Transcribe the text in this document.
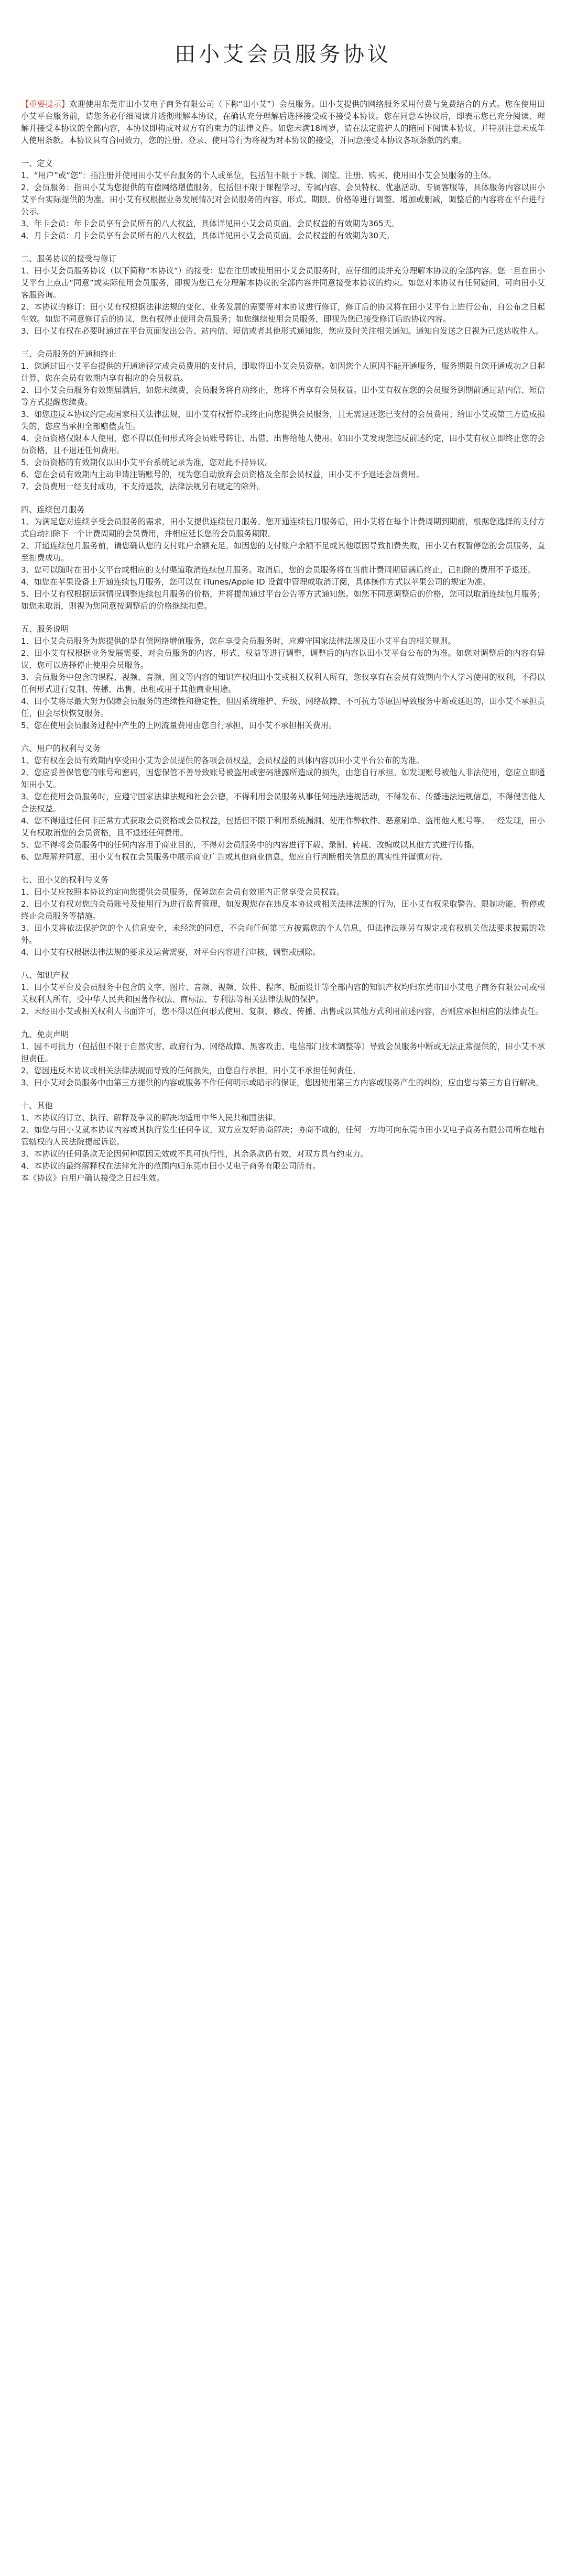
田小艾会员服务协议

【重要提示】欢迎使用东莞市田小艾电子商务有限公司（下称“田小艾”）会员服务。田小艾提供的网络服务采用付费与免费结合的方式。您在使用田小艾平台服务前，请您务必仔细阅读并透彻理解本协议，在确认充分理解后选择接受或不接受本协议。您在同意本协议后，即表示您已充分阅读、理解并接受本协议的全部内容，本协议即构成对双方有约束力的法律文件。如您未满18周岁，请在法定监护人的陪同下阅读本协议，并特别注意未成年人使用条款。本协议具有合同效力，您的注册、登录、使用等行为将视为对本协议的接受，并同意接受本协议各项条款的约束。

一、定义

1、“用户”或“您”：指注册并使用田小艾平台服务的个人或单位，包括但不限于下载、浏览、注册、购买、使用田小艾会员服务的主体。

2、会员服务：指田小艾为您提供的有偿网络增值服务，包括但不限于课程学习、专属内容、会员特权、优惠活动、专属客服等，具体服务内容以田小艾平台实际提供的为准。田小艾有权根据业务发展情况对会员服务的内容、形式、期限、价格等进行调整、增加或删减，调整后的内容将在平台进行公示。

3、年卡会员：年卡会员享有会员所有的八大权益，具体详见田小艾会员页面。会员权益的有效期为365天。

4、月卡会员：月卡会员享有会员所有的八大权益，具体详见田小艾会员页面。会员权益的有效期为30天。

二、服务协议的接受与修订

1、田小艾会员服务协议（以下简称“本协议”）的接受：您在注册或使用田小艾会员服务时，应仔细阅读并充分理解本协议的全部内容。您一旦在田小艾平台上点击“同意”或实际使用会员服务，即视为您已充分理解本协议的全部内容并同意接受本协议的约束。如您对本协议有任何疑问，可向田小艾客服咨询。

2、本协议的修订：田小艾有权根据法律法规的变化、业务发展的需要等对本协议进行修订，修订后的协议将在田小艾平台上进行公布，自公布之日起生效。如您不同意修订后的协议，您有权停止使用会员服务；如您继续使用会员服务，即视为您已接受修订后的协议内容。

3、田小艾有权在必要时通过在平台页面发出公告、站内信、短信或者其他形式通知您，您应及时关注相关通知。通知自发送之日视为已送达收件人。

三、会员服务的开通和终止

1、您通过田小艾平台提供的开通途径完成会员费用的支付后，即取得田小艾会员资格。如因您个人原因不能开通服务，服务期限自您开通成功之日起计算，您在会员有效期内享有相应的会员权益。

2、田小艾会员服务有效期届满后，如您未续费，会员服务将自动终止，您将不再享有会员权益。田小艾有权在您的会员服务到期前通过站内信、短信等方式提醒您续费。

3、如您违反本协议约定或国家相关法律法规，田小艾有权暂停或终止向您提供会员服务，且无需退还您已支付的会员费用；给田小艾或第三方造成损失的，您应当承担全部赔偿责任。

4、会员资格仅限本人使用，您不得以任何形式将会员账号转让、出借、出售给他人使用。如田小艾发现您违反前述约定，田小艾有权立即终止您的会员资格，且不退还任何费用。

5、会员资格的有效期仅以田小艾平台系统记录为准，您对此不持异议。

6、您在会员有效期内主动申请注销账号的，视为您自动放弃会员资格及全部会员权益，田小艾不予退还会员费用。

7、会员费用一经支付成功，不支持退款，法律法规另有规定的除外。

四、连续包月服务

1、为满足您对连续享受会员服务的需求，田小艾提供连续包月服务。您开通连续包月服务后，田小艾将在每个计费周期到期前，根据您选择的支付方式自动扣除下一个计费周期的会员费用，并相应延长您的会员服务期限。

2、开通连续包月服务前，请您确认您的支付账户余额充足。如因您的支付账户余额不足或其他原因导致扣费失败，田小艾有权暂停您的会员服务，直至扣费成功。

3、您可以随时在田小艾平台或相应的支付渠道取消连续包月服务。取消后，您的会员服务将在当前计费周期届满后终止，已扣除的费用不予退还。

4、如您在苹果设备上开通连续包月服务，您可以在 iTunes/Apple ID 设置中管理或取消订阅，具体操作方式以苹果公司的规定为准。

5、田小艾有权根据运营情况调整连续包月服务的价格，并将提前通过平台公告等方式通知您。如您不同意调整后的价格，您可以取消连续包月服务；如您未取消，则视为您同意按调整后的价格继续扣费。

五、服务说明

1、田小艾会员服务为您提供的是有偿网络增值服务，您在享受会员服务时，应遵守国家法律法规及田小艾平台的相关规则。

2、田小艾有权根据业务发展需要，对会员服务的内容、形式、权益等进行调整，调整后的内容以田小艾平台公布的为准。如您对调整后的内容有异议，您可以选择停止使用会员服务。

3、会员服务中包含的课程、视频、音频、图文等内容的知识产权归田小艾或相关权利人所有，您仅享有在会员有效期内个人学习使用的权利，不得以任何形式进行复制、传播、出售、出租或用于其他商业用途。

4、田小艾将尽最大努力保障会员服务的连续性和稳定性，但因系统维护、升级、网络故障、不可抗力等原因导致服务中断或延迟的，田小艾不承担责任，但会尽快恢复服务。

5、您在使用会员服务过程中产生的上网流量费用由您自行承担，田小艾不承担相关费用。

六、用户的权利与义务

1、您有权在会员有效期内享受田小艾为会员提供的各项会员权益，会员权益的具体内容以田小艾平台公布的为准。

2、您应妥善保管您的账号和密码，因您保管不善导致账号被盗用或密码泄露所造成的损失，由您自行承担。如发现账号被他人非法使用，您应立即通知田小艾。

3、您在使用会员服务时，应遵守国家法律法规和社会公德，不得利用会员服务从事任何违法违规活动，不得发布、传播违法违规信息，不得侵害他人合法权益。

4、您不得通过任何非正常方式获取会员资格或会员权益，包括但不限于利用系统漏洞、使用作弊软件、恶意刷单、盗用他人账号等。一经发现，田小艾有权取消您的会员资格，且不退还任何费用。

5、您不得将会员服务中的任何内容用于商业目的，不得对会员服务中的内容进行下载、录制、转载、改编或以其他方式进行传播。

6、您理解并同意，田小艾有权在会员服务中展示商业广告或其他商业信息，您应自行判断相关信息的真实性并谨慎对待。

七、田小艾的权利与义务

1、田小艾应按照本协议约定向您提供会员服务，保障您在会员有效期内正常享受会员权益。

2、田小艾有权对您的会员账号及使用行为进行监督管理，如发现您存在违反本协议或相关法律法规的行为，田小艾有权采取警告、限制功能、暂停或终止会员服务等措施。

3、田小艾将依法保护您的个人信息安全，未经您的同意，不会向任何第三方披露您的个人信息，但法律法规另有规定或有权机关依法要求披露的除外。

4、田小艾有权根据法律法规的要求及运营需要，对平台内容进行审核、调整或删除。

八、知识产权

1、田小艾平台及会员服务中包含的文字、图片、音频、视频、软件、程序、版面设计等全部内容的知识产权均归东莞市田小艾电子商务有限公司或相关权利人所有，受中华人民共和国著作权法、商标法、专利法等相关法律法规的保护。

2、未经田小艾或相关权利人书面许可，您不得以任何形式使用、复制、修改、传播、出售或以其他方式利用前述内容，否则应承担相应的法律责任。

九、免责声明

1、因不可抗力（包括但不限于自然灾害、政府行为、网络故障、黑客攻击、电信部门技术调整等）导致会员服务中断或无法正常提供的，田小艾不承担责任。

2、您因违反本协议或相关法律法规而导致的任何损失，由您自行承担，田小艾不承担任何责任。

3、田小艾对会员服务中由第三方提供的内容或服务不作任何明示或暗示的保证，您因使用第三方内容或服务产生的纠纷，应由您与第三方自行解决。

十、其他

1、本协议的订立、执行、解释及争议的解决均适用中华人民共和国法律。

2、如您与田小艾就本协议内容或其执行发生任何争议，双方应友好协商解决；协商不成的，任何一方均可向东莞市田小艾电子商务有限公司所在地有管辖权的人民法院提起诉讼。

3、本协议的任何条款无论因何种原因无效或不具可执行性，其余条款仍有效，对双方具有约束力。

4、本协议的最终解释权在法律允许的范围内归东莞市田小艾电子商务有限公司所有。

本《协议》自用户确认接受之日起生效。
